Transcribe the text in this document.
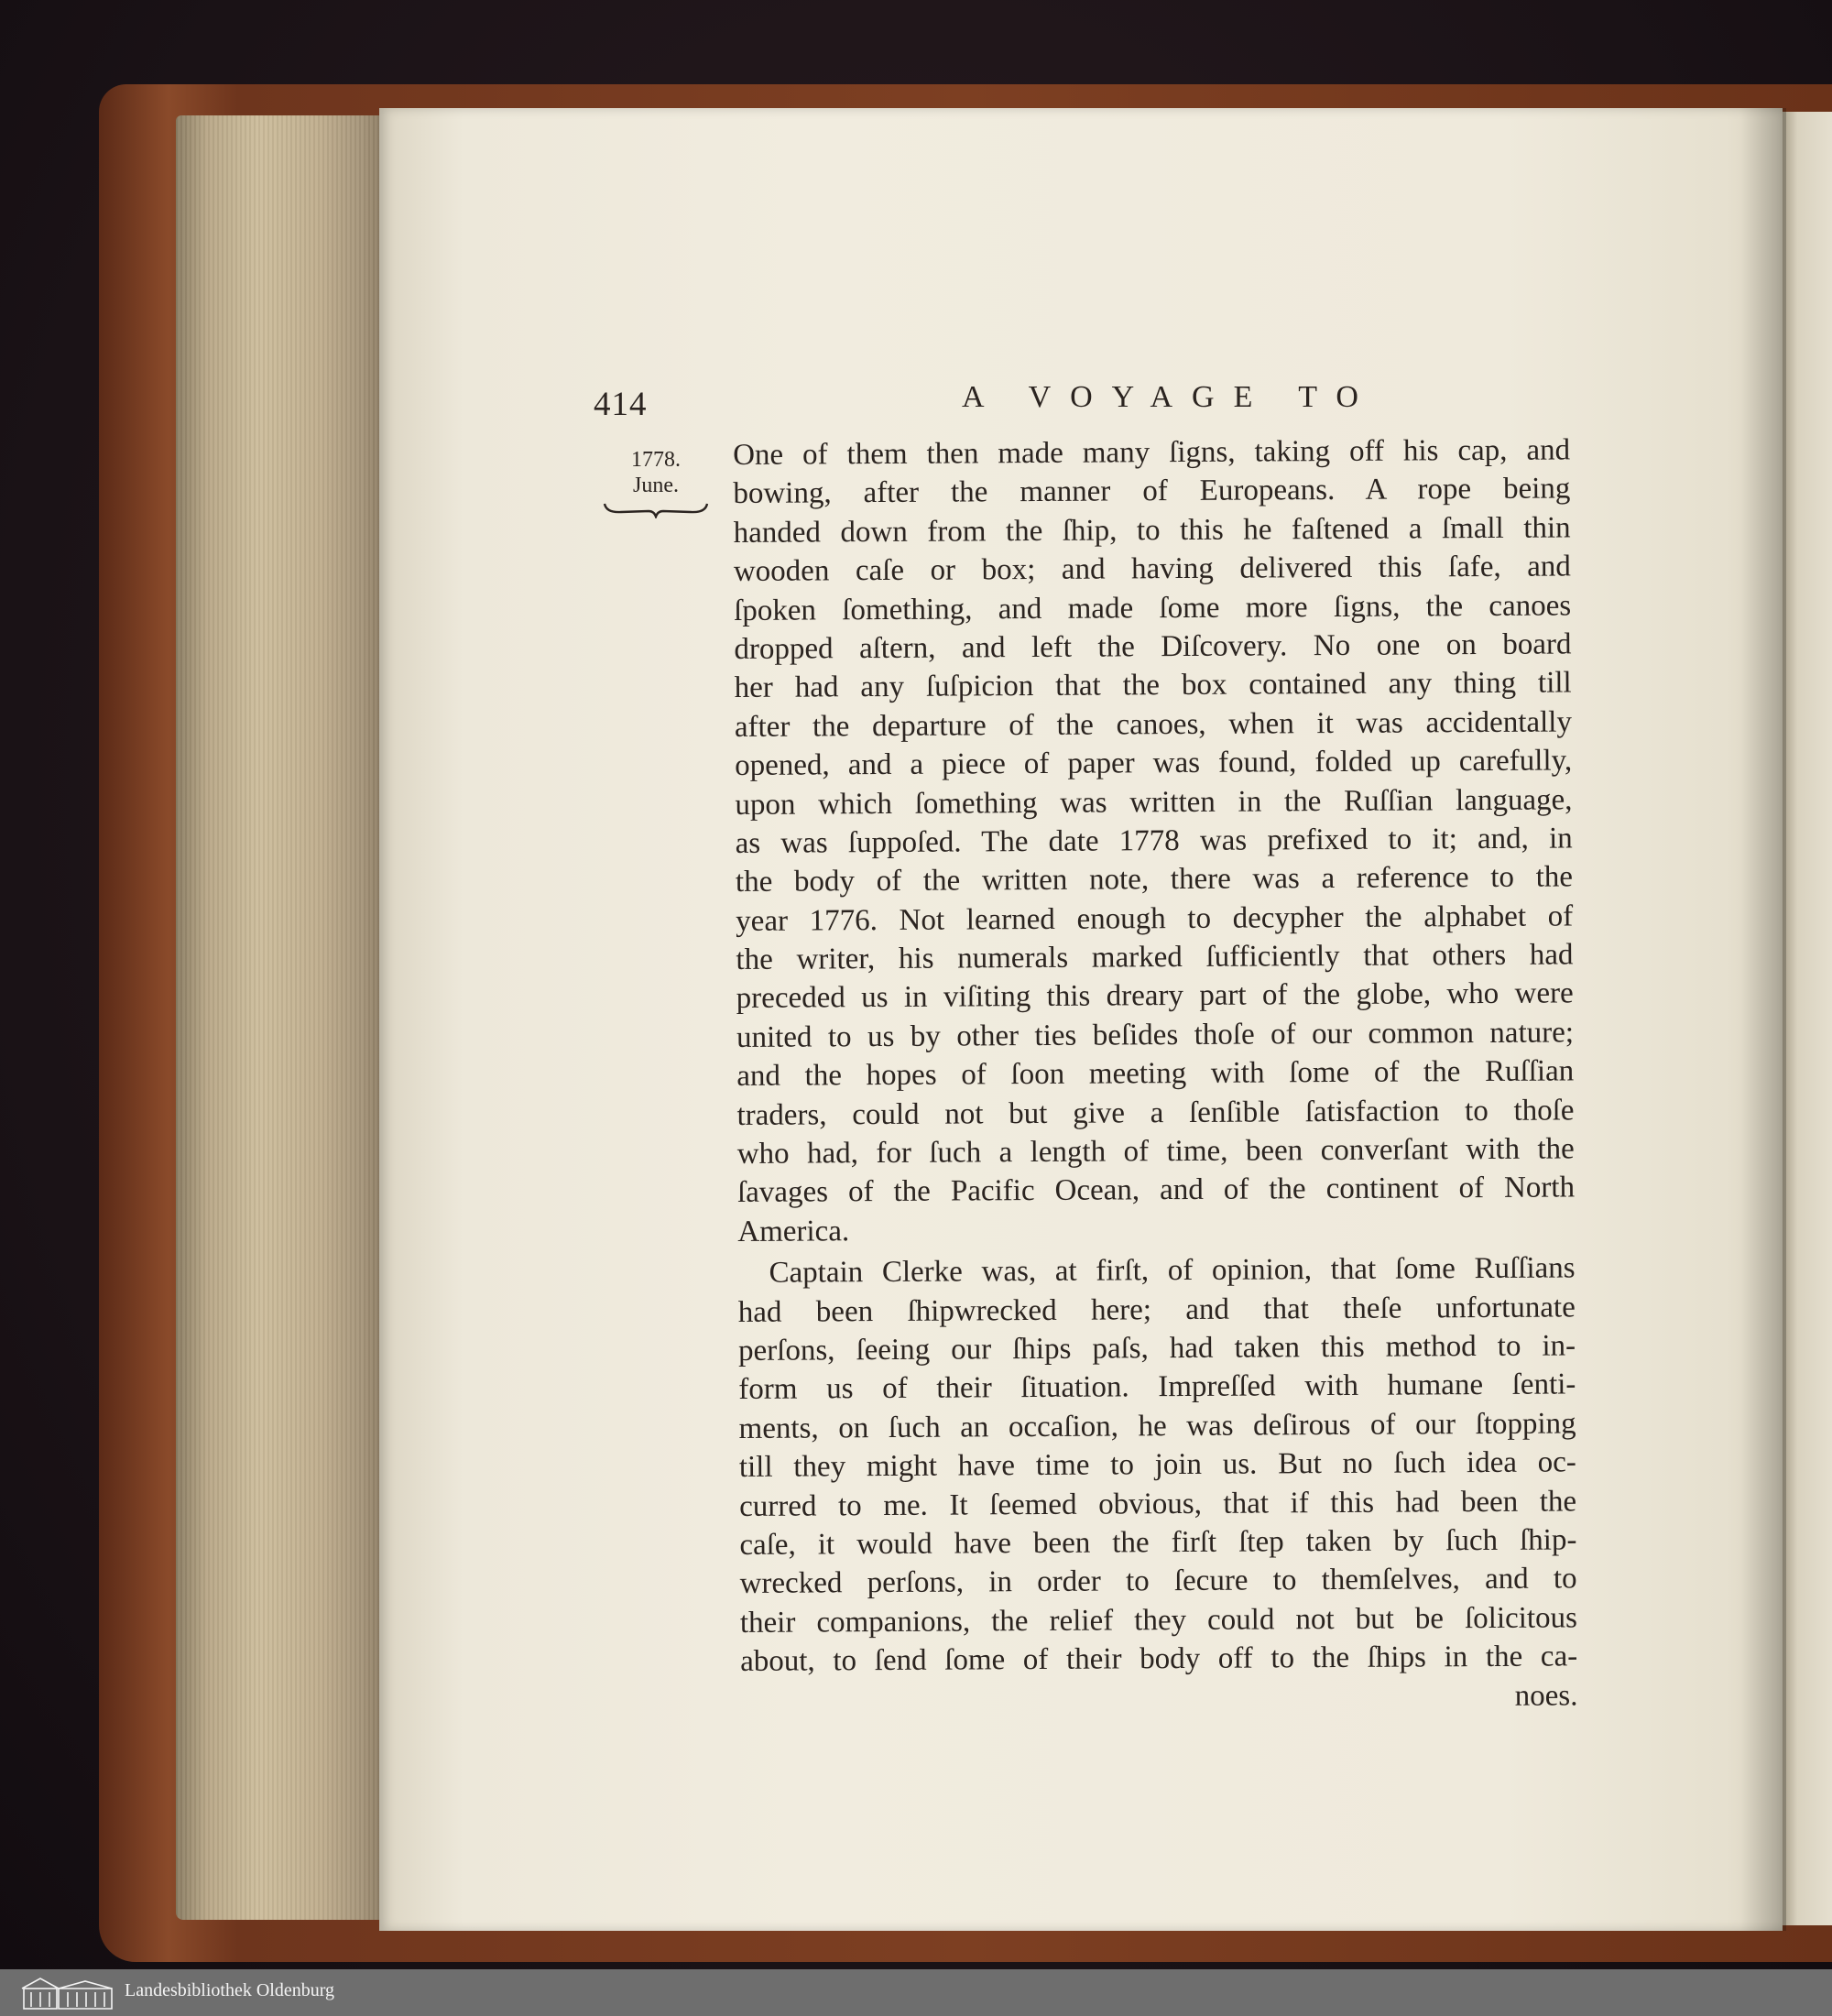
414	A VOYAGE TO
1778.
June.
One of them then made many ſigns, taking off his cap, and
bowing, after the manner of Europeans. A rope being
handed down from the ſhip, to this he faſtened a ſmall thin
wooden caſe or box; and having delivered this ſafe, and
ſpoken ſomething, and made ſome more ſigns, the canoes
dropped aſtern, and left the Diſcovery. No one on board
her had any ſuſpicion that the box contained any thing till
after the departure of the canoes, when it was accidentally
opened, and a piece of paper was found, folded up carefully,
upon which ſomething was written in the Ruſſian language,
as was ſuppoſed. The date 1778 was prefixed to it; and, in
the body of the written note, there was a reference to the
year 1776. Not learned enough to decypher the alphabet of
the writer, his numerals marked ſufficiently that others had
preceded us in viſiting this dreary part of the globe, who were
united to us by other ties beſides thoſe of our common nature;
and the hopes of ſoon meeting with ſome of the Ruſſian
traders, could not but give a ſenſible ſatisfaction to thoſe
who had, for ſuch a length of time, been converſant with the
ſavages of the Pacific Ocean, and of the continent of North
America.
Captain Clerke was, at firſt, of opinion, that ſome Ruſſians
had been ſhipwrecked here; and that theſe unfortunate
perſons, ſeeing our ſhips paſs, had taken this method to in-
form us of their ſituation. Impreſſed with humane ſenti-
ments, on ſuch an occaſion, he was deſirous of our ſtopping
till they might have time to join us. But no ſuch idea oc-
curred to me. It ſeemed obvious, that if this had been the
caſe, it would have been the firſt ſtep taken by ſuch ſhip-
wrecked perſons, in order to ſecure to themſelves, and to
their companions, the relief they could not but be ſolicitous
about, to ſend ſome of their body off to the ſhips in the ca-
noes.
Landesbibliothek Oldenburg
